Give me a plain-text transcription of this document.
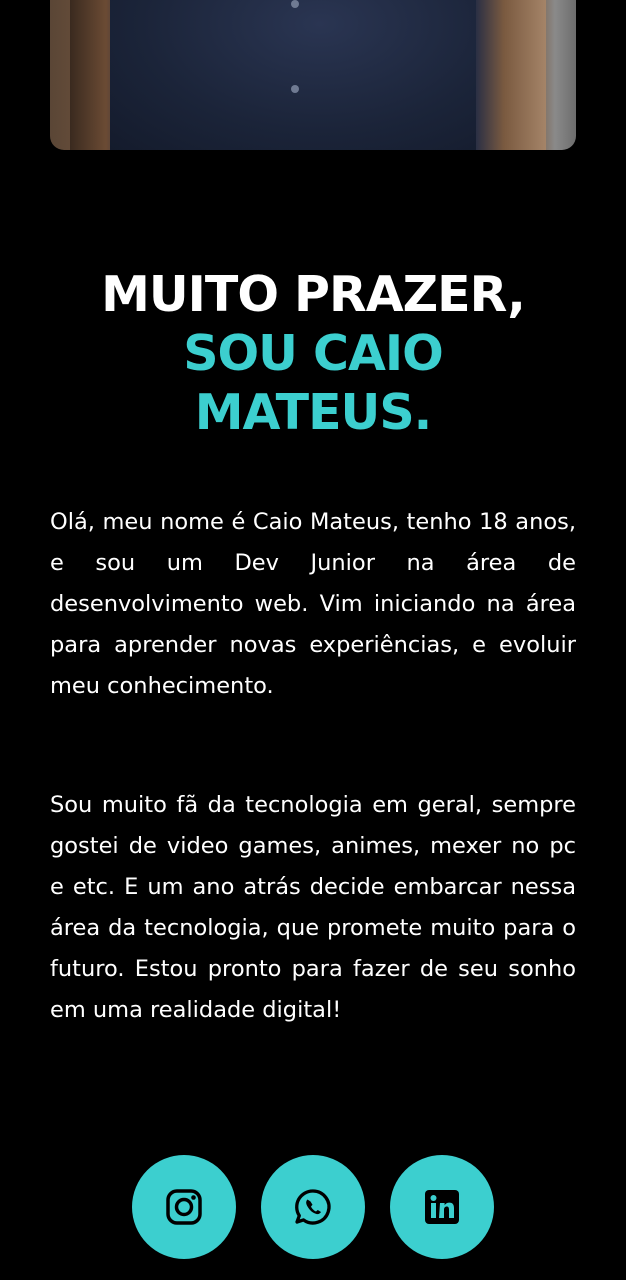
MUITO PRAZER,
SOU CAIO
MATEUS.

Olá, meu nome é Caio Mateus, tenho 18 anos, e sou um Dev Junior na área de desenvolvimento web. Vim iniciando na área para aprender novas experiências, e evoluir meu conhecimento.

Sou muito fã da tecnologia em geral, sempre gostei de video games, animes, mexer no pc e etc. E um ano atrás decide embarcar nessa área da tecnologia, que promete muito para o futuro. Estou pronto para fazer de seu sonho em uma realidade digital!
